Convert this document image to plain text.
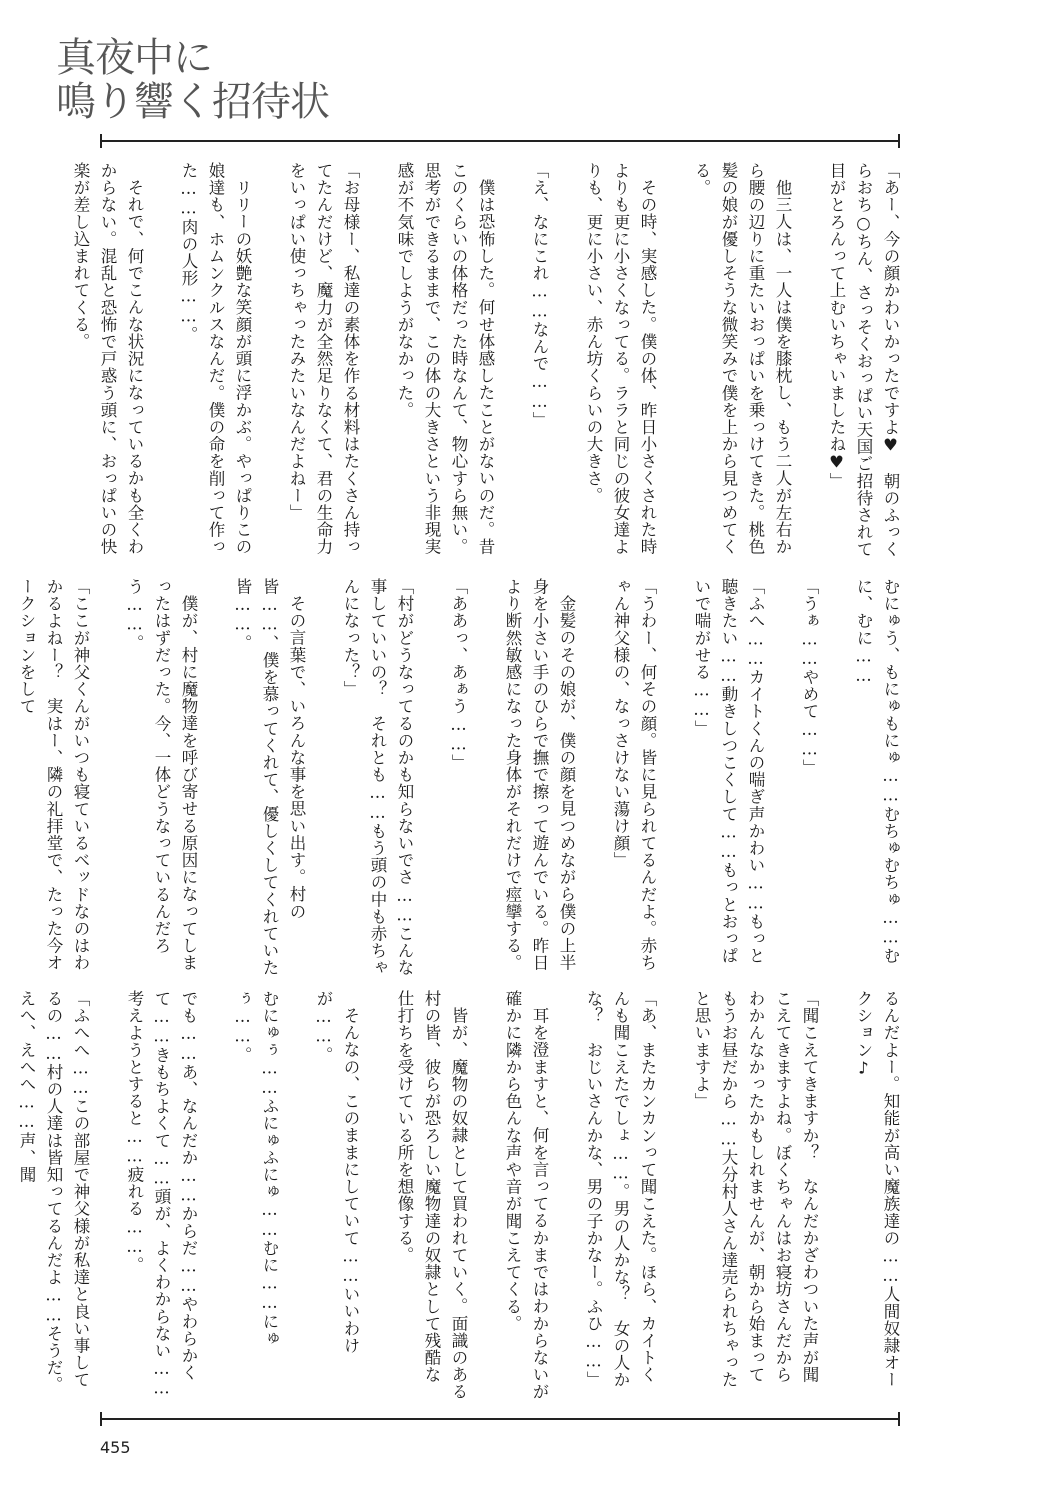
真夜中に
鳴り響く招待状

「あー、今の顔かわいかったですよ♥　朝のふっくらおち○ちん、さっそくおっぱい天国ご招待されて目がとろんって上むいちゃいましたね♥」

他三人は、一人は僕を膝枕し、もう二人が左右から腰の辺りに重たいおっぱいを乗っけてきた。桃色髪の娘が優しそうな微笑みで僕を上から見つめてくる。

その時、実感した。僕の体、昨日小さくされた時よりも更に小さくなってる。ララと同じの彼女達よりも、更に小さい、赤ん坊くらいの大きさ。

「え、なにこれ……なんで……」

僕は恐怖した。何せ体感したことがないのだ。昔このくらいの体格だった時なんて、物心すら無い。思考ができるままで、この体の大きさという非現実感が不気味でしようがなかった。

「お母様ー、私達の素体を作る材料はたくさん持ってたんだけど、魔力が全然足りなくて、君の生命力をいっぱい使っちゃったみたいなんだよねー」

リリーの妖艶な笑顔が頭に浮かぶ。やっぱりこの娘達も、ホムンクルスなんだ。僕の命を削って作った……肉の人形……。

それで、何でこんな状況になっているかも全くわからない。混乱と恐怖で戸惑う頭に、おっぱいの快楽が差し込まれてくる。

むにゅう、もにゅもにゅ……むちゅむちゅ……むに、むに……

「うぁ……やめて……」

「ふへ……カイトくんの喘ぎ声かわい……もっと聴きたい……動きしつこくして……もっとおっぱいで喘がせる……」

「うわー、何その顔。皆に見られてるんだよ。赤ちゃん神父様の、なっさけない蕩け顔」

金髪のその娘が、僕の顔を見つめながら僕の上半身を小さい手のひらで撫で擦って遊んでいる。昨日より断然敏感になった身体がそれだけで痙攣する。

「ああっ、あぁう……」

「村がどうなってるのかも知らないでさ……こんな事していいの？　それとも……もう頭の中も赤ちゃんになった？」

その言葉で、いろんな事を思い出す。村の皆……、僕を慕ってくれて、優しくしてくれていた皆……。

僕が、村に魔物達を呼び寄せる原因になってしまったはずだった。今、一体どうなっているんだろう……。

「ここが神父くんがいつも寝ているベッドなのはわかるよねー？　実はー、隣の礼拝堂で、たった今オークションをして

るんだよー。知能が高い魔族達の……人間奴隷オークション♪

「聞こえてきますか？　なんだかざわついた声が聞こえてきますよね。ぼくちゃんはお寝坊さんだからわかんなかったかもしれませんが、朝から始まってもうお昼だから……大分村人さん達売られちゃったと思いますよ」

「あ、またカンカンって聞こえた。ほら、カイトくんも聞こえたでしょ……。男の人かな？　女の人かな？　おじいさんかな、男の子かなー。ふひ……」

耳を澄ますと、何を言ってるかまではわからないが確かに隣から色んな声や音が聞こえてくる。

皆が、魔物の奴隷として買われていく。面識のある村の皆、彼らが恐ろしい魔物達の奴隷として残酷な仕打ちを受けている所を想像する。

そんなの、このままにしていて……いいわけが……。

むにゅぅ……ふにゅふにゅ……むに……にゅぅ……。

でも……あ、なんだか……からだ……やわらかくて……きもちよくて……頭が、よくわからない……考えようとすると……疲れる……。

「ふへへ……この部屋で神父様が私達と良い事してるの……村の人達は皆知ってるんだよ……そうだ。えへ、えへへ……声、聞

455
